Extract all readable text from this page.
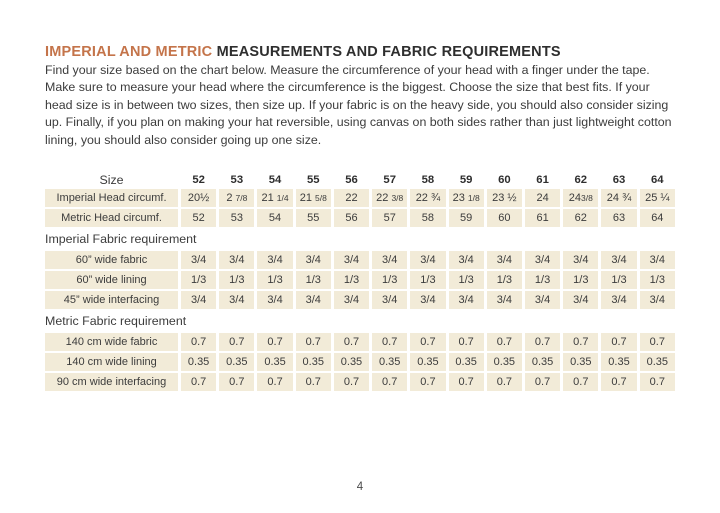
IMPERIAL AND METRIC MEASUREMENTS AND FABRIC REQUIREMENTS

Find your size based on the chart below. Measure the circumference of your head with a finger under the tape. Make sure to measure your head where the circumference is the biggest. Choose the size that best fits. If your head size is in between two sizes, then size up. If your fabric is on the heavy side, you should also consider sizing up. Finally, if you plan on making your hat reversible, using canvas on both sides rather than just lightweight cotton lining, you should also consider going up one size.

Size	52	53	54	55	56	57	58	59	60	61	62	63	64
Imperial Head circumf.	20½	2 7/8	21 1/4	21 5/8	22	22 3/8	22 ¾	23 1/8	23 ½	24	243/8	24 ¾	25 ¼
Metric Head circumf.	52	53	54	55	56	57	58	59	60	61	62	63	64
Imperial Fabric requirement													
60” wide fabric	3/4	3/4	3/4	3/4	3/4	3/4	3/4	3/4	3/4	3/4	3/4	3/4	3/4
60” wide lining	1/3	1/3	1/3	1/3	1/3	1/3	1/3	1/3	1/3	1/3	1/3	1/3	1/3
45” wide interfacing	3/4	3/4	3/4	3/4	3/4	3/4	3/4	3/4	3/4	3/4	3/4	3/4	3/4
Metric Fabric requirement													
140 cm wide fabric	0.7	0.7	0.7	0.7	0.7	0.7	0.7	0.7	0.7	0.7	0.7	0.7	0.7
140 cm wide lining	0.35	0.35	0.35	0.35	0.35	0.35	0.35	0.35	0.35	0.35	0.35	0.35	0.35
90 cm wide interfacing	0.7	0.7	0.7	0.7	0.7	0.7	0.7	0.7	0.7	0.7	0.7	0.7	0.7
4
